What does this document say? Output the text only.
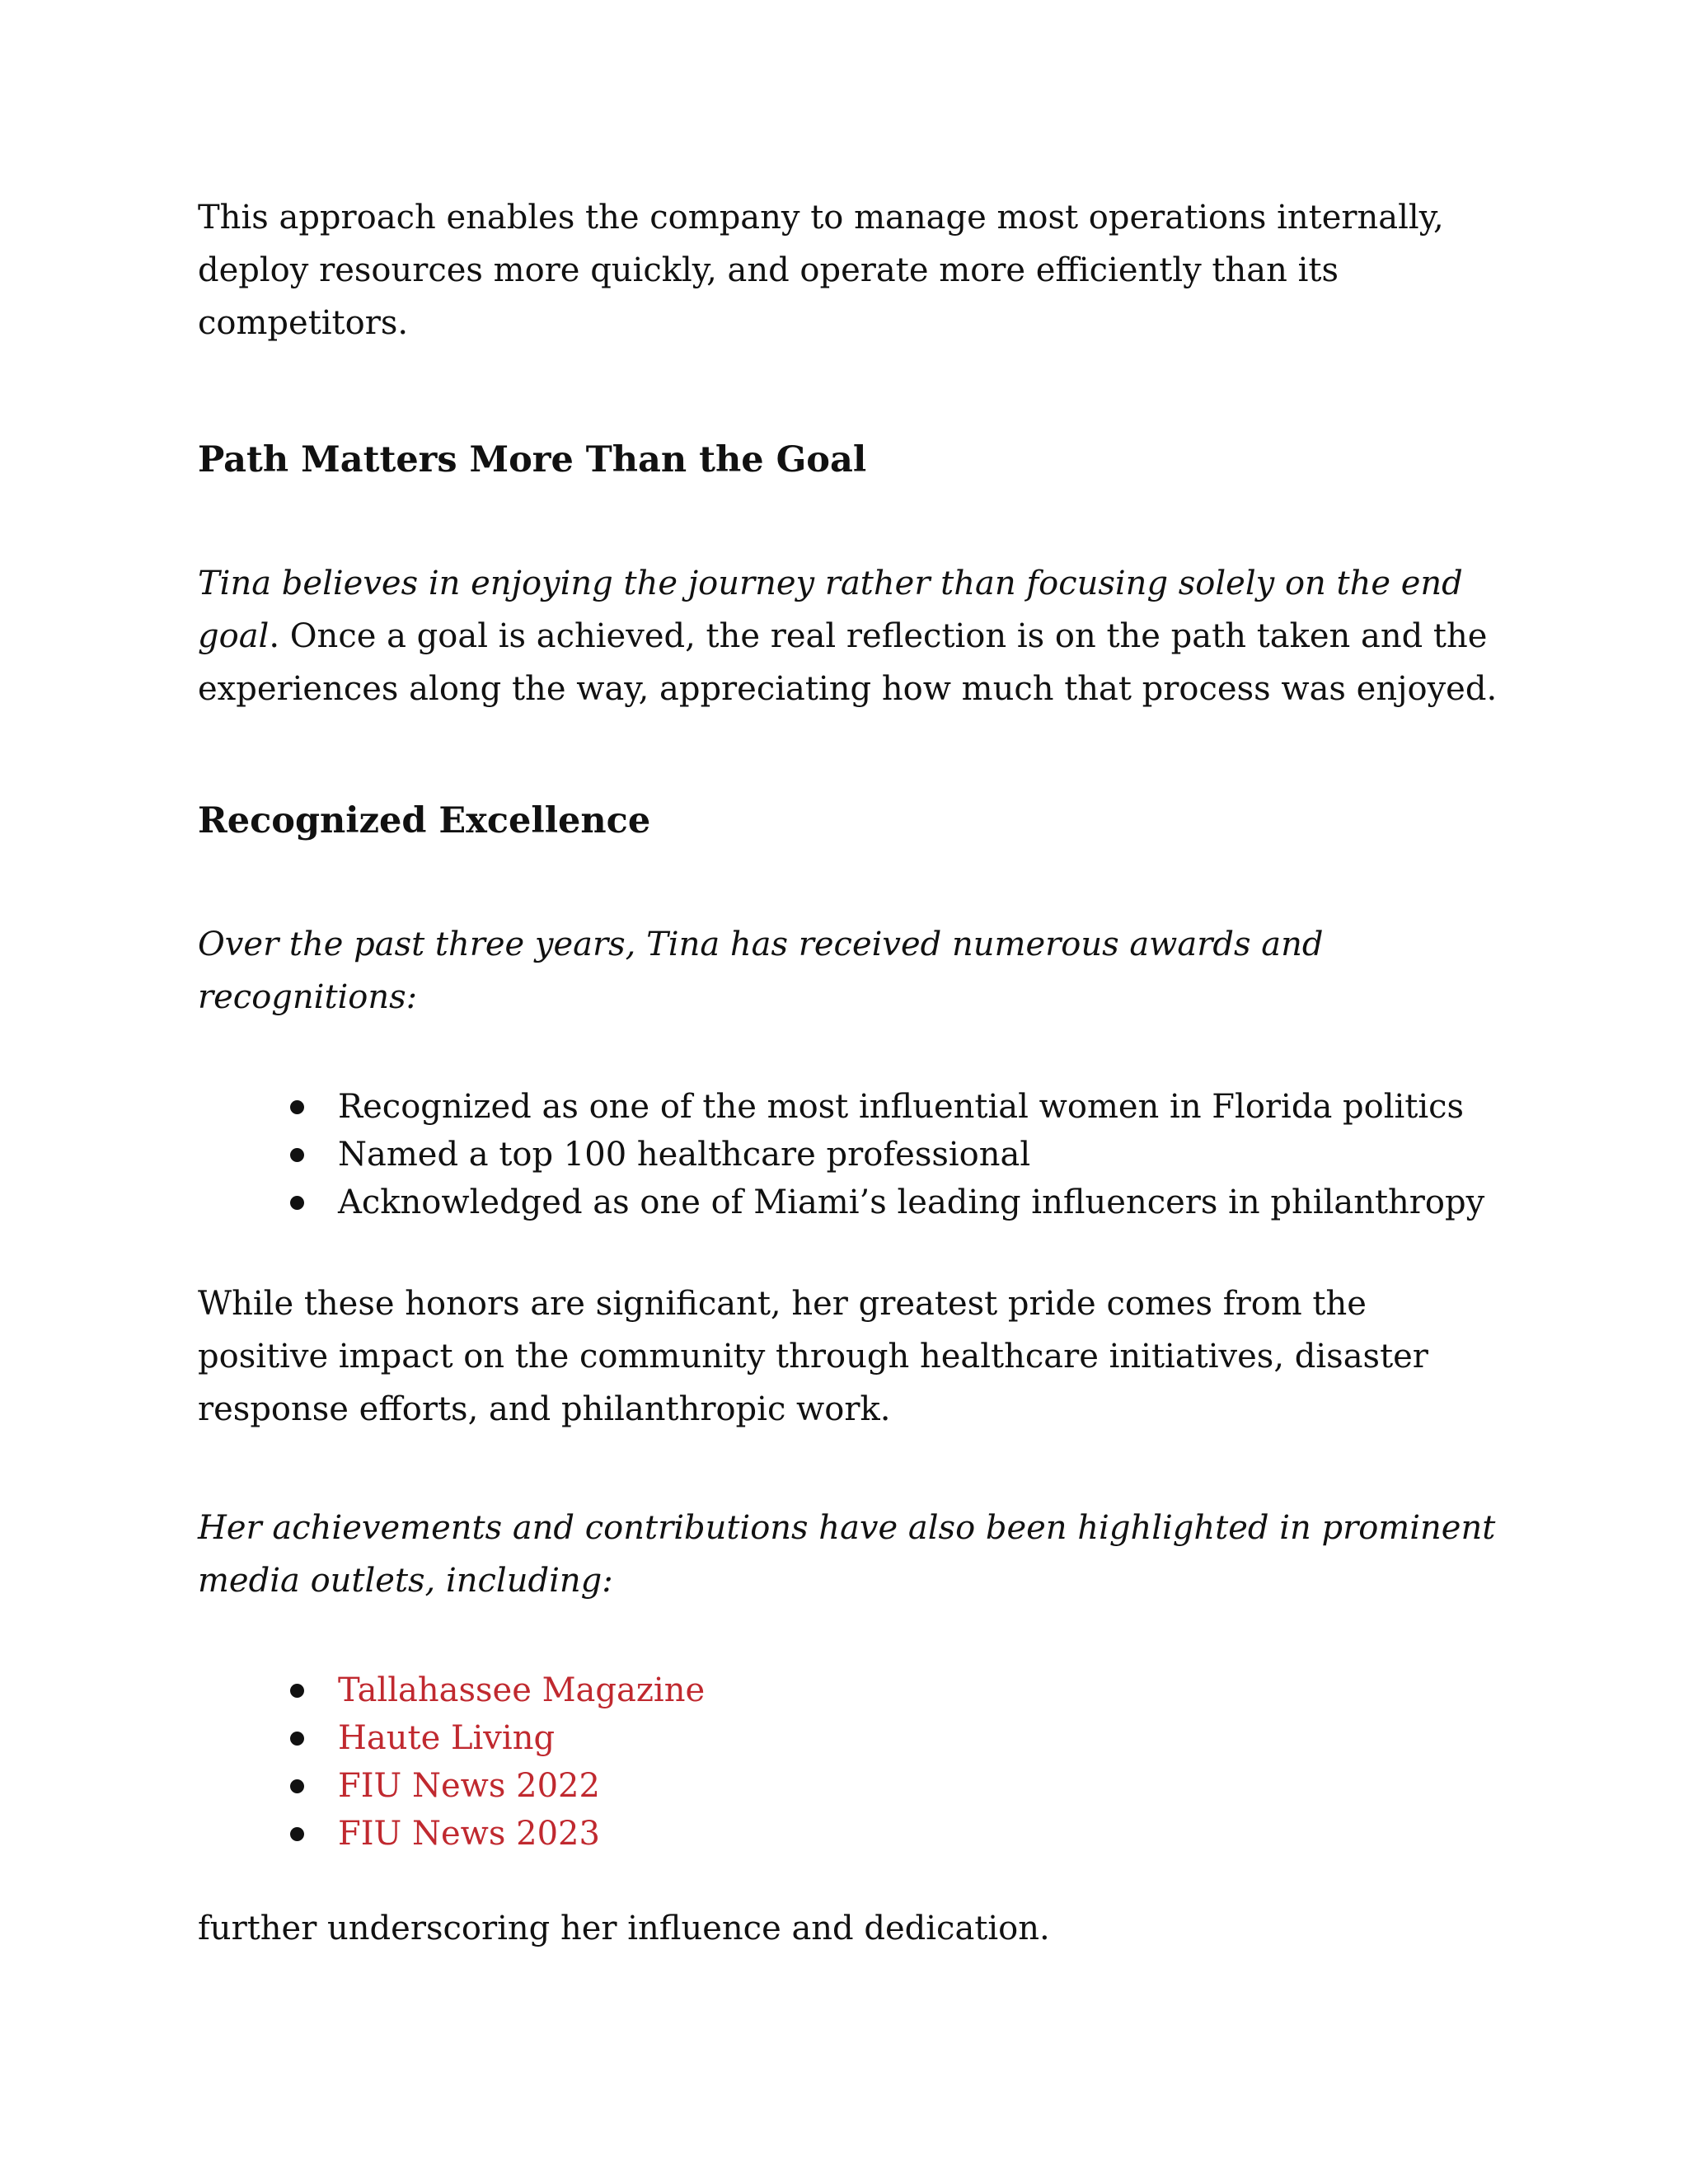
This approach enables the company to manage most operations internally, deploy resources more quickly, and operate more efficiently than its competitors.

Path Matters More Than the Goal

Tina believes in enjoying the journey rather than focusing solely on the end goal. Once a goal is achieved, the real reflection is on the path taken and the experiences along the way, appreciating how much that process was enjoyed.

Recognized Excellence

Over the past three years, Tina has received numerous awards and recognitions:

Recognized as one of the most influential women in Florida politics
Named a top 100 healthcare professional
Acknowledged as one of Miami’s leading influencers in philanthropy

While these honors are significant, her greatest pride comes from the positive impact on the community through healthcare initiatives, disaster response efforts, and philanthropic work.

Her achievements and contributions have also been highlighted in prominent media outlets, including:

Tallahassee Magazine
Haute Living
FIU News 2022
FIU News 2023

further underscoring her influence and dedication.
